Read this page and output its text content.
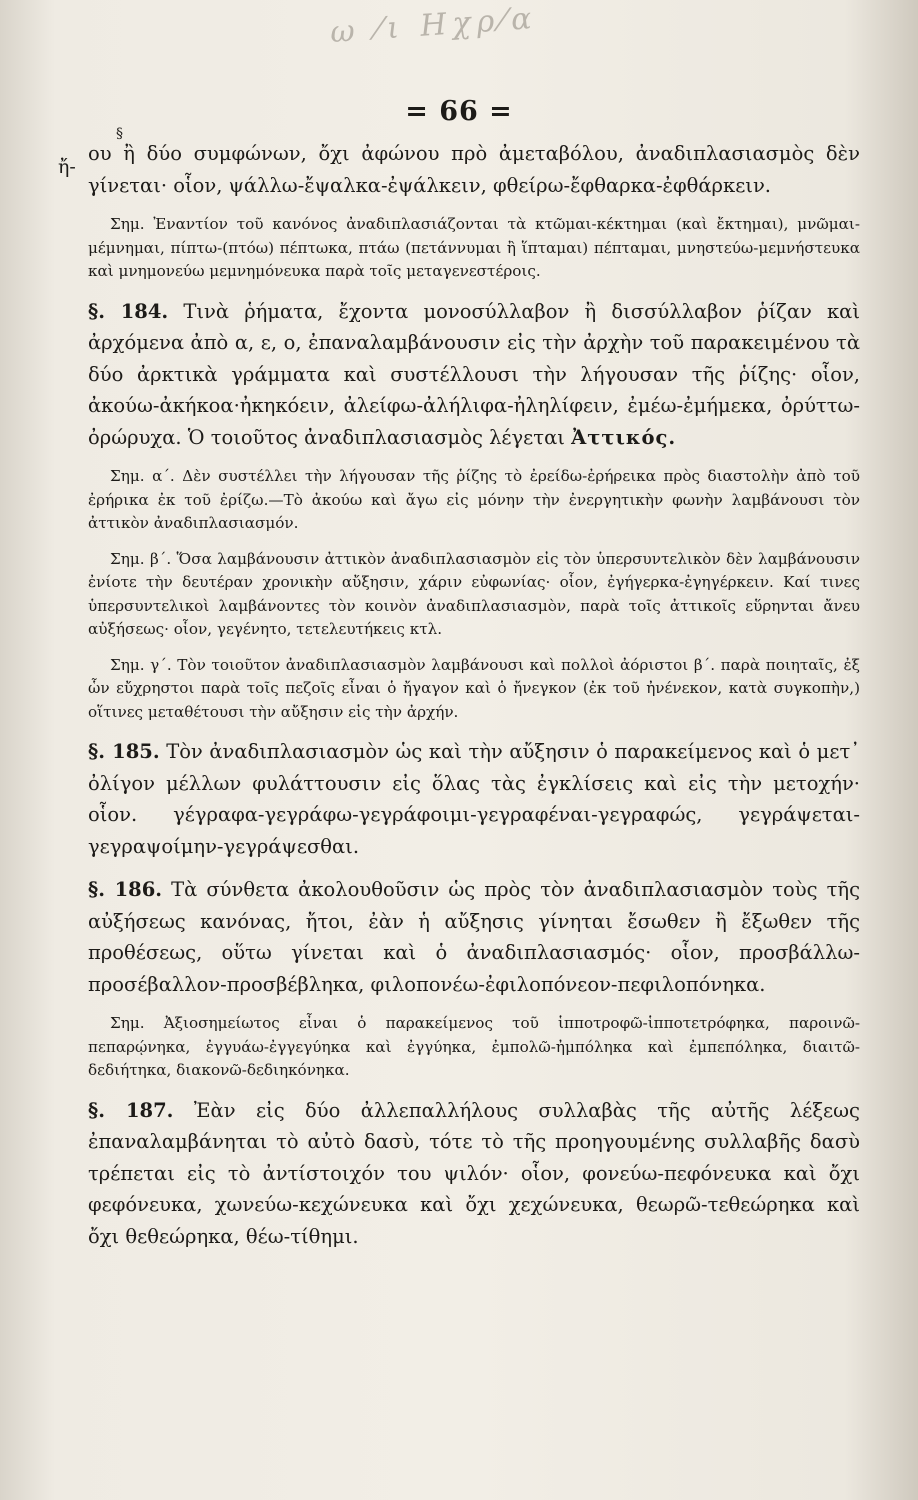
ω ⁄ι Ηχρ⁄α
= 66 =
§
ἤ-

ου ἢ δύο συμφώνων, ὄχι ἀφώνου πρὸ ἀμεταβόλου, ἀναδιπλασιασμὸς δὲν γίνεται· οἷον, ψάλλω-ἔψαλκα-ἐψάλκειν, φθείρω-ἔφθαρκα-ἐφθάρκειν.

Σημ. Ἐναντίον τοῦ κανόνος ἀναδιπλασιάζονται τὰ κτῶμαι-κέκτημαι (καὶ ἔκτημαι), μνῶμαι-μέμνημαι, πίπτω-(πτόω) πέπτωκα, πτάω (πετάννυμαι ἢ ἵπταμαι) πέπταμαι, μνηστεύω-μεμνήστευκα καὶ μνημονεύω μεμνημόνευκα παρὰ τοῖς μεταγενεστέροις.

§. 184. Τινὰ ῥήματα, ἔχοντα μονοσύλλαβον ἢ δισσύλλαβον ῥίζαν καὶ ἀρχόμενα ἀπὸ α, ε, ο, ἐπαναλαμβάνουσιν εἰς τὴν ἀρχὴν τοῦ παρακειμένου τὰ δύο ἀρκτικὰ γράμματα καὶ συστέλλουσι τὴν λήγουσαν τῆς ῥίζης· οἷον, ἀκούω-ἀκήκοα·ἠκηκόειν, ἀλείφω-ἀλήλιφα-ἠληλίφειν, ἐμέω-ἐμήμεκα, ὀρύττω-ὀρώρυχα. Ὁ τοιοῦτος ἀναδιπλασιασμὸς λέγεται Ἀττικός.

Σημ. α΄. Δὲν συστέλλει τὴν λήγουσαν τῆς ῥίζης τὸ ἐρείδω-ἐρήρεικα πρὸς διαστολὴν ἀπὸ τοῦ ἐρήρικα ἐκ τοῦ ἐρίζω.—Τὸ ἀκούω καὶ ἄγω εἰς μόνην τὴν ἐνεργητικὴν φωνὴν λαμβάνουσι τὸν ἀττικὸν ἀναδιπλασιασμόν.

Σημ. β΄. Ὅσα λαμβάνουσιν ἀττικὸν ἀναδιπλασιασμὸν εἰς τὸν ὑπερσυντελικὸν δὲν λαμβάνουσιν ἐνίοτε τὴν δευτέραν χρονικὴν αὔξησιν, χάριν εὐφωνίας· οἷον, ἐγήγερκα-ἐγηγέρκειν. Καί τινες ὑπερσυντελικοὶ λαμβάνοντες τὸν κοινὸν ἀναδιπλασιασμὸν, παρὰ τοῖς ἀττικοῖς εὕρηνται ἄνευ αὐξήσεως· οἷον, γεγένητο, τετελευτήκεις κτλ.

Σημ. γ΄. Τὸν τοιοῦτον ἀναδιπλασιασμὸν λαμβάνουσι καὶ πολλοὶ ἀόριστοι β΄. παρὰ ποιηταῖς, ἐξ ὧν εὔχρηστοι παρὰ τοῖς πεζοῖς εἶναι ὁ ἤγαγον καὶ ὁ ἤνεγκον (ἐκ τοῦ ἠνένεκον, κατὰ συγκοπὴν,) οἵτινες μεταθέτουσι τὴν αὔξησιν εἰς τὴν ἀρχήν.

§. 185. Τὸν ἀναδιπλασιασμὸν ὡς καὶ τὴν αὔξησιν ὁ παρακείμενος καὶ ὁ μετ᾽ ὀλίγον μέλλων φυλάττουσιν εἰς ὅλας τὰς ἐγκλίσεις καὶ εἰς τὴν μετοχήν· οἷον. γέγραφα-γεγράφω-γεγράφοιμι-γεγραφέναι-γεγραφώς, γεγράψεται-γεγραψοίμην-γεγράψεσθαι.

§. 186. Τὰ σύνθετα ἀκολουθοῦσιν ὡς πρὸς τὸν ἀναδιπλασιασμὸν τοὺς τῆς αὐξήσεως κανόνας, ἤτοι, ἐὰν ἡ αὔξησις γίνηται ἔσωθεν ἢ ἔξωθεν τῆς προθέσεως, οὕτω γίνεται καὶ ὁ ἀναδιπλασιασμός· οἷον, προσβάλλω-προσέβαλλον-προσβέβληκα, φιλοπονέω-ἐφιλοπόνεον-πεφιλοπόνηκα.

Σημ. Ἀξιοσημείωτος εἶναι ὁ παρακείμενος τοῦ ἱπποτροφῶ-ἱπποτετρόφηκα, παροινῶ-πεπαρῴνηκα, ἐγγυάω-ἐγγεγύηκα καὶ ἐγγύηκα, ἐμπολῶ-ἠμπόληκα καὶ ἐμπεπόληκα, διαιτῶ-δεδιήτηκα, διακονῶ-δεδιηκόνηκα.

§. 187. Ἐὰν εἰς δύο ἀλλεπαλλήλους συλλαβὰς τῆς αὐτῆς λέξεως ἐπαναλαμβάνηται τὸ αὐτὸ δασὺ, τότε τὸ τῆς προηγουμένης συλλαβῆς δασὺ τρέπεται εἰς τὸ ἀντίστοιχόν του ψιλόν· οἷον, φονεύω-πεφόνευκα καὶ ὄχι φεφόνευκα, χωνεύω-κεχώνευκα καὶ ὄχι χεχώνευκα, θεωρῶ-τεθεώρηκα καὶ ὄχι θεθεώρηκα, θέω-τίθημι.
